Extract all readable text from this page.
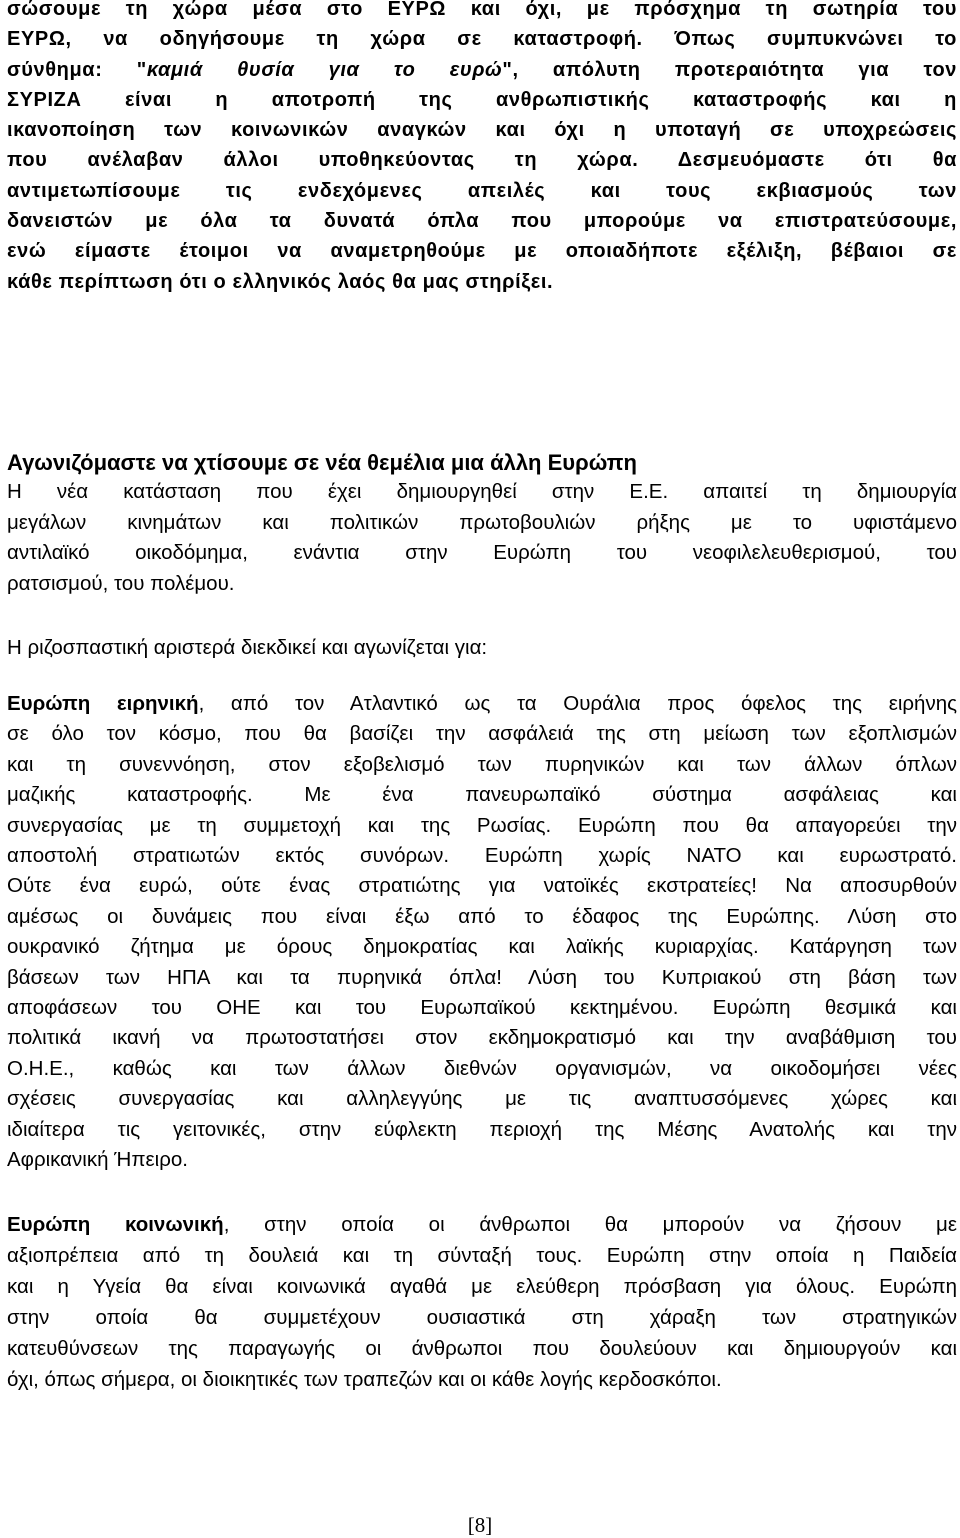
σώσουμε τη χώρα μέσα στο ΕΥΡΩ και όχι, με πρόσχημα τη σωτηρία του
ΕΥΡΩ, να οδηγήσουμε τη χώρα σε καταστροφή. Όπως συμπυκνώνει το
σύνθημα: "καμιά θυσία για το ευρώ", απόλυτη προτεραιότητα για τον
ΣΥΡΙΖΑ είναι η αποτροπή της ανθρωπιστικής καταστροφής και η
ικανοποίηση των κοινωνικών αναγκών και όχι η υποταγή σε υποχρεώσεις
που ανέλαβαν άλλοι υποθηκεύοντας τη χώρα. Δεσμευόμαστε ότι θα
αντιμετωπίσουμε τις ενδεχόμενες απειλές και τους εκβιασμούς των
δανειστών με όλα τα δυνατά όπλα που μπορούμε να επιστρατεύσουμε,
ενώ είμαστε έτοιμοι να αναμετρηθούμε με οποιαδήποτε εξέλιξη, βέβαιοι σε
κάθε περίπτωση ότι ο ελληνικός λαός θα μας στηρίξει.
Αγωνιζόμαστε να χτίσουμε σε νέα θεμέλια μια άλλη Ευρώπη
Η νέα κατάσταση που έχει δημιουργηθεί στην Ε.Ε. απαιτεί τη δημιουργία
μεγάλων κινημάτων και πολιτικών πρωτοβουλιών ρήξης με το υφιστάμενο
αντιλαϊκό οικοδόμημα, ενάντια στην Ευρώπη του νεοφιλελευθερισμού, του
ρατσισμού, του πολέμου.
Η ριζοσπαστική αριστερά διεκδικεί και αγωνίζεται για:
Ευρώπη ειρηνική, από τον Ατλαντικό ως τα Ουράλια προς όφελος της ειρήνης
σε όλο τον κόσμο, που θα βασίζει την ασφάλειά της στη μείωση των εξοπλισμών
και τη συνεννόηση, στον εξοβελισμό των πυρηνικών και των άλλων όπλων
μαζικής καταστροφής. Με ένα πανευρωπαϊκό σύστημα ασφάλειας και
συνεργασίας με τη συμμετοχή και της Ρωσίας. Ευρώπη που θα απαγορεύει την
αποστολή στρατιωτών εκτός συνόρων. Ευρώπη χωρίς ΝΑΤΟ και ευρωστρατό.
Ούτε ένα ευρώ, ούτε ένας στρατιώτης για νατοϊκές εκστρατείες! Να αποσυρθούν
αμέσως οι δυνάμεις που είναι έξω από το έδαφος της Ευρώπης. Λύση στο
ουκρανικό ζήτημα με όρους δημοκρατίας και λαϊκής κυριαρχίας. Κατάργηση των
βάσεων των ΗΠΑ και τα πυρηνικά όπλα! Λύση του Κυπριακού στη βάση των
αποφάσεων του ΟΗΕ και του Ευρωπαϊκού κεκτημένου. Ευρώπη θεσμικά και
πολιτικά ικανή να πρωτοστατήσει στον εκδημοκρατισμό και την αναβάθμιση του
Ο.Η.Ε., καθώς και των άλλων διεθνών οργανισμών, να οικοδομήσει νέες
σχέσεις συνεργασίας και αλληλεγγύης με τις αναπτυσσόμενες χώρες και
ιδιαίτερα τις γειτονικές, στην εύφλεκτη περιοχή της Μέσης Ανατολής και την
Αφρικανική Ήπειρο.
Ευρώπη κοινωνική, στην οποία οι άνθρωποι θα μπορούν να ζήσουν με
αξιοπρέπεια από τη δουλειά και τη σύνταξή τους. Ευρώπη στην οποία η Παιδεία
και η Υγεία θα είναι κοινωνικά αγαθά με ελεύθερη πρόσβαση για όλους. Ευρώπη
στην οποία θα συμμετέχουν ουσιαστικά στη χάραξη των στρατηγικών
κατευθύνσεων της παραγωγής οι άνθρωποι που δουλεύουν και δημιουργούν και
όχι, όπως σήμερα, οι διοικητικές των τραπεζών και οι κάθε λογής κερδοσκόποι.
[8]
